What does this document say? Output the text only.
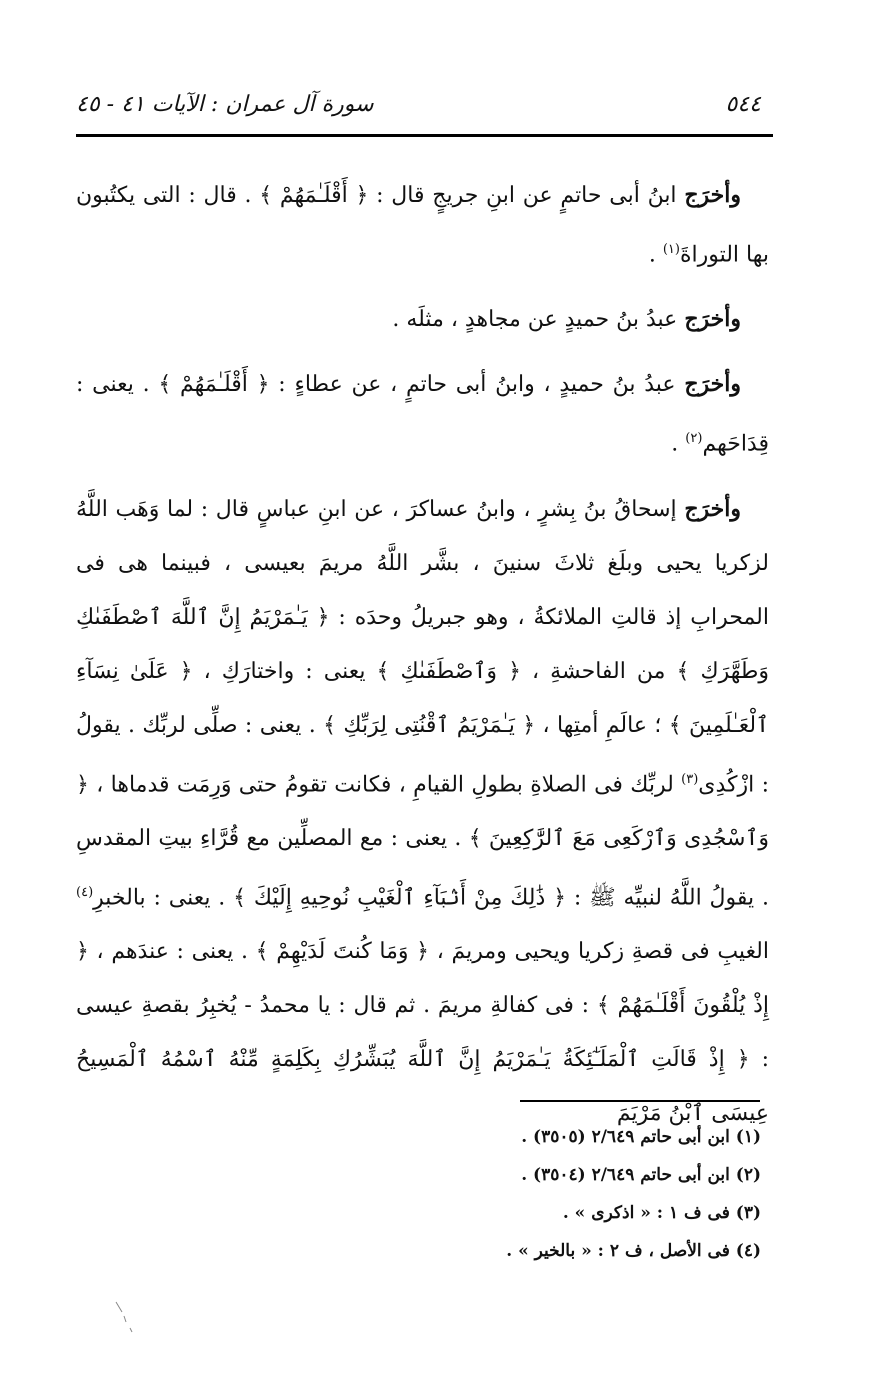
٥٤٤
سورة آل عمران : الآيات ٤١ - ٤٥

وأخرَج ابنُ أبى حاتمٍ عن ابنِ جريجٍ قال : ﴿ أَقْلَـٰمَهُمْ ﴾ . قال : التى يكتُبون بها التوراةَ$^{(١)}$ .

وأخرَج عبدُ بنُ حميدٍ عن مجاهدٍ ، مثلَه .

وأخرَج عبدُ بنُ حميدٍ ، وابنُ أبى حاتمٍ ، عن عطاءٍ : ﴿ أَقْلَـٰمَهُمْ ﴾ . يعنى : قِدَاحَهم$^{(٢)}$ .

وأخرَج إسحاقُ بنُ بِشرٍ ، وابنُ عساكرَ ، عن ابنِ عباسٍ قال : لما وَهَب اللَّهُ لزكريا يحيى وبلَغ ثلاثَ سنينَ ، بشَّر اللَّهُ مريمَ بعيسى ، فبينما هى فى المحرابِ إذ قالتِ الملائكةُ ، وهو جبريلُ وحدَه : ﴿ يَـٰمَرْيَمُ إِنَّ ٱللَّهَ ٱصْطَفَىٰكِ وَطَهَّرَكِ ﴾ من الفاحشةِ ، ﴿ وَٱصْطَفَىٰكِ ﴾ يعنى : واختارَكِ ، ﴿ عَلَىٰ نِسَآءِ ٱلْعَـٰلَمِينَ ﴾ ؛ عالَمِ أمتِها ، ﴿ يَـٰمَرْيَمُ ٱقْنُتِى لِرَبِّكِ ﴾ . يعنى : صلِّى لربِّك . يقولُ : ازْكُدِى$^{(٣)}$ لربِّك فى الصلاةِ بطولِ القيامِ ، فكانت تقومُ حتى وَرِمَت قدماها ، ﴿ وَٱسْجُدِى وَٱرْكَعِى مَعَ ٱلرَّٰكِعِينَ ﴾ . يعنى : مع المصلِّين مع قُرَّاءِ بيتِ المقدسِ . يقولُ اللَّهُ لنبيِّه ﷺ : ﴿ ذَٰلِكَ مِنْ أَنۢبَآءِ ٱلْغَيْبِ نُوحِيهِ إِلَيْكَ ﴾ . يعنى : بالخبرِ$^{(٤)}$ الغيبِ فى قصةِ زكريا ويحيى ومريمَ ، ﴿ وَمَا كُنتَ لَدَيْهِمْ ﴾ . يعنى : عندَهم ، ﴿ إِذْ يُلْقُونَ أَقْلَـٰمَهُمْ ﴾ : فى كفالةِ مريمَ . ثم قال : يا محمدُ - يُخبِرُ بقصةِ عيسى : ﴿ إِذْ قَالَتِ ٱلْمَلَـٰٓئِكَةُ يَـٰمَرْيَمُ إِنَّ ٱللَّهَ يُبَشِّرُكِ بِكَلِمَةٍ مِّنْهُ ٱسْمُهُ ٱلْمَسِيحُ عِيسَى ٱبْنُ مَرْيَمَ

(١) ابن أبى حاتم ٢/٦٤٩ (٣٥٠٥) .

(٢) ابن أبى حاتم ٢/٦٤٩ (٣٥٠٤) .

(٣) فى ف ١ : « اذكرى » .

(٤) فى الأصل ، ف ٢ : « بالخير » .
